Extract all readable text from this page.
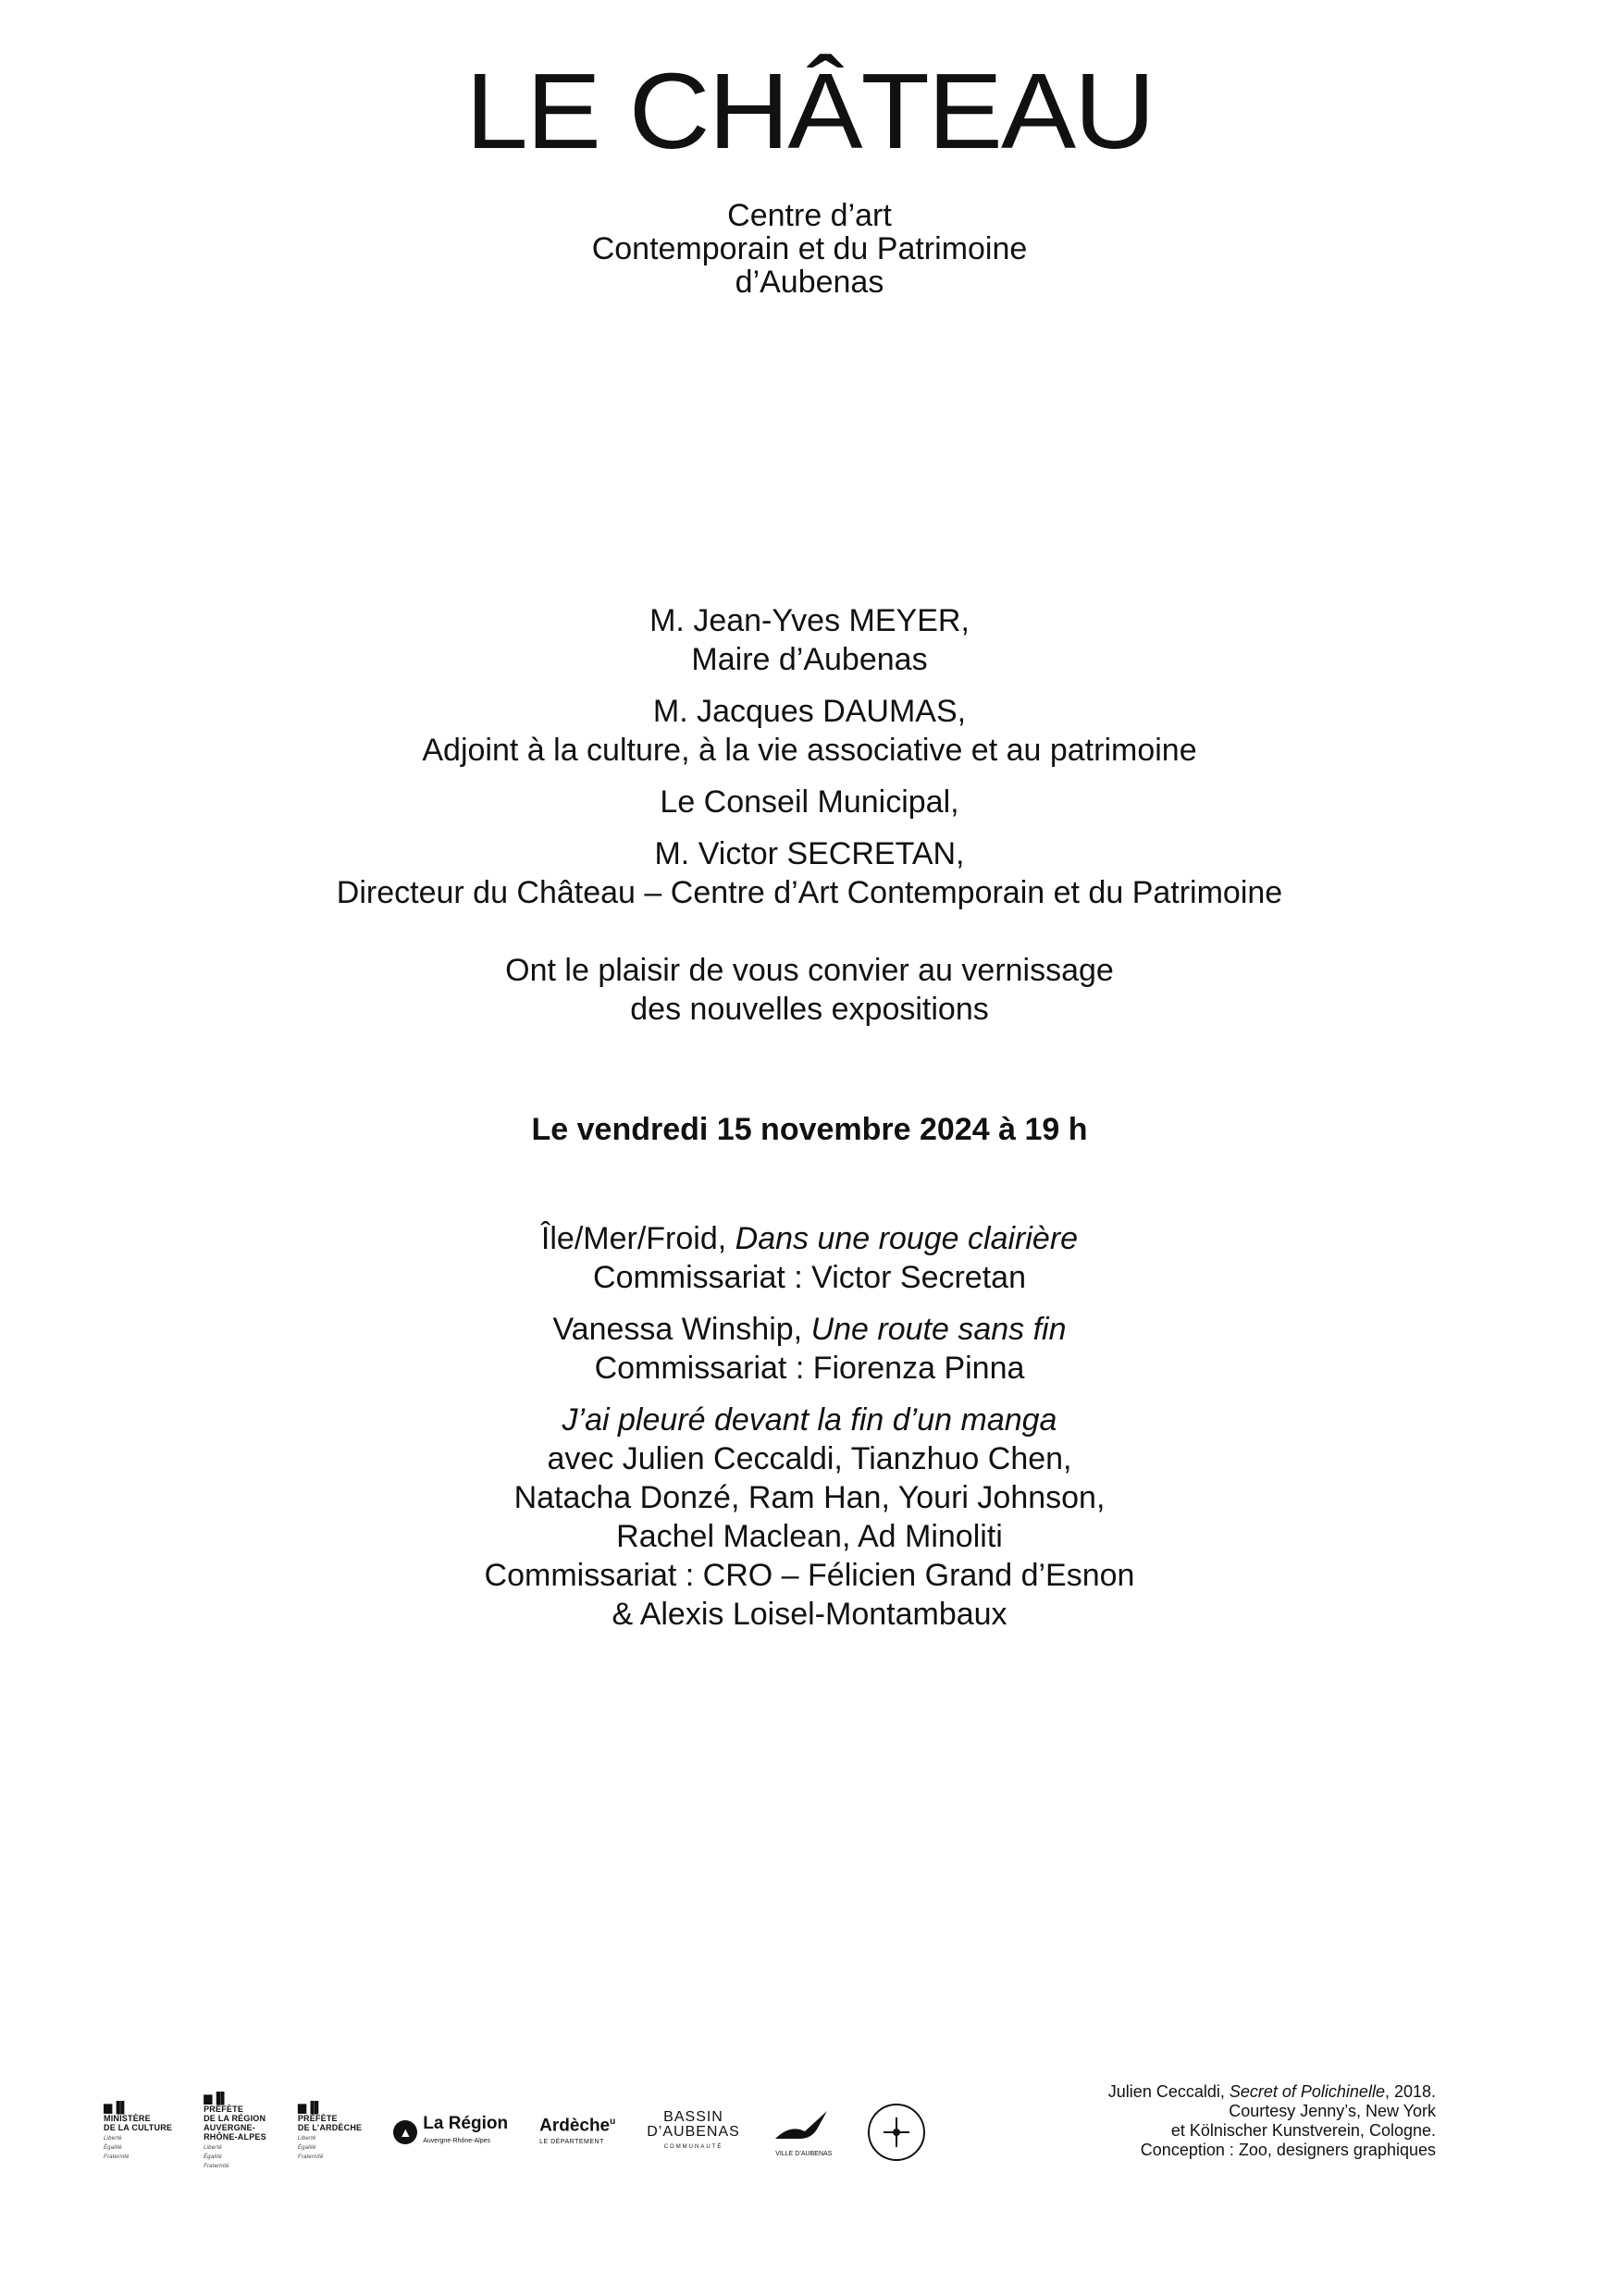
LE CHÂTEAU
Centre d’art
Contemporain et du Patrimoine
d’Aubenas
M. Jean-Yves MEYER,
Maire d’Aubenas
M. Jacques DAUMAS,
Adjoint à la culture, à la vie associative et au patrimoine
Le Conseil Municipal,
M. Victor SECRETAN,
Directeur du Château – Centre d’Art Contemporain et du Patrimoine
Ont le plaisir de vous convier au vernissage
des nouvelles expositions
Le vendredi 15 novembre 2024 à 19 h
Île/Mer/Froid, Dans une rouge clairière
Commissariat : Victor Secretan
Vanessa Winship, Une route sans fin
Commissariat : Fiorenza Pinna
J’ai pleuré devant la fin d’un manga
avec Julien Ceccaldi, Tianzhuo Chen,
Natacha Donzé, Ram Han, Youri Johnson,
Rachel Maclean, Ad Minoliti
Commissariat : CRO – Félicien Grand d’Esnon
& Alexis Loisel-Montambaux
▆▐▌
MINISTÈRE
DE LA CULTURE
Liberté
Égalité
Fraternité
▆▐▌
PRÉFÈTE
DE LA RÉGION
AUVERGNE-
RHÔNE-ALPES
Liberté
Égalité
Fraternité
▆▐▌
PRÉFÈTE
DE L’ARDÈCHE
Liberté
Égalité
Fraternité
▲ La Région
Auvergne-Rhône-Alpes
Ardèche$^u$
LE DÉPARTEMENT
BASSIN
D’AUBENAS
COMMUNAUTÉ
VILLE D’AUBENAS
Julien Ceccaldi, Secret of Polichinelle, 2018.
Courtesy Jenny’s, New York
et Kölnischer Kunstverein, Cologne.
Conception : Zoo, designers graphiques
